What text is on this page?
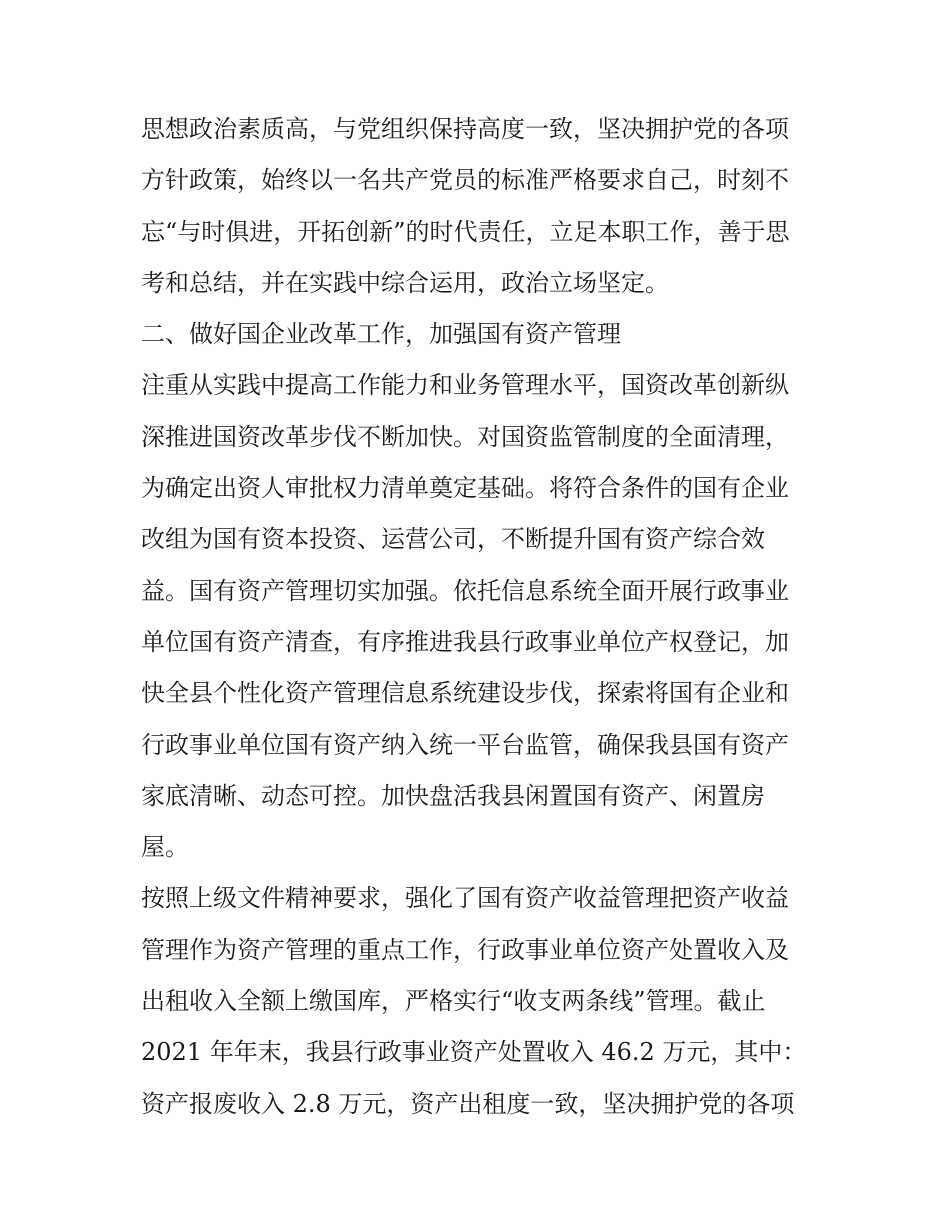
思想政治素质高，与党组织保持高度一致，坚决拥护党的各项
方针政策，始终以一名共产党员的标准严格要求自己，时刻不
忘“与时俱进，开拓创新”的时代责任，立足本职工作，善于思
考和总结，并在实践中综合运用，政治立场坚定。
二、做好国企业改革工作，加强国有资产管理
注重从实践中提高工作能力和业务管理水平，国资改革创新纵
深推进国资改革步伐不断加快。对国资监管制度的全面清理，
为确定出资人审批权力清单奠定基础。将符合条件的国有企业
改组为国有资本投资、运营公司，不断提升国有资产综合效
益。国有资产管理切实加强。依托信息系统全面开展行政事业
单位国有资产清查，有序推进我县行政事业单位产权登记，加
快全县个性化资产管理信息系统建设步伐，探索将国有企业和
行政事业单位国有资产纳入统一平台监管，确保我县国有资产
家底清晰、动态可控。加快盘活我县闲置国有资产、闲置房
屋。
按照上级文件精神要求，强化了国有资产收益管理把资产收益
管理作为资产管理的重点工作，行政事业单位资产处置收入及
出租收入全额上缴国库，严格实行“收支两条线”管理。截止
2021 年年末，我县行政事业资产处置收入 46.2 万元，其中：
资产报废收入 2.8 万元，资产出租度一致，坚决拥护党的各项
